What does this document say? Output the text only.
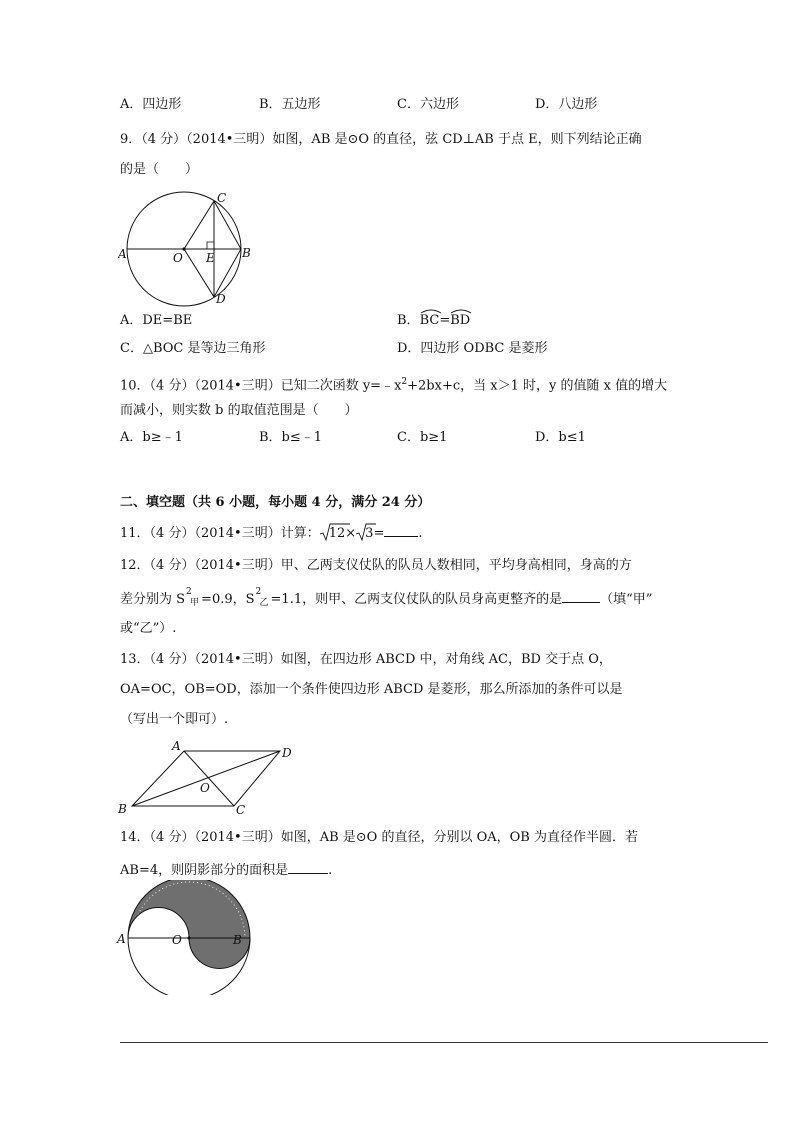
A．四边形	B．五边形	C．六边形	D．八边形
9．（4 分）（2014•三明）如图，AB 是⊙O 的直径，弦 CD⊥AB 于点 E，则下列结论正确
的是（　　）
A	O E B
C
D
A．DE=BE	B．
BC=
BD
C．△BOC 是等边三角形	D．四边形 ODBC 是菱形
10．（4 分）（2014•三明）已知二次函数 $y=﹣x^2+2bx+c$，当 x＞1 时，y 的值随 x 值的增大
而减小，则实数 b 的取值范围是（　　）
A．b≥﹣1	B．b≤﹣1	C．b≥1	D．b≤1
二、填空题（共 6 小题，每小题 4 分，满分 24 分）
11．（4 分）（2014•三明）计算： 12× 3=	.
12．（4 分）（2014•三明）甲、乙两支仪仗队的队员人数相同，平均身高相同，身高的方
差分别为 S 2
甲 =0.9，S 2
乙 =1.1，则甲、乙两支仪仗队的队员身高更整齐的是	（填“甲”
或“乙”）.
13．（4 分）（2014•三明）如图，在四边形 ABCD 中，对角线 AC，BD 交于点 O，
OA=OC，OB=OD，添加一个条件使四边形 ABCD 是菱形，那么所添加的条件可以是
（写出一个即可）.
A	D
B	C
O
14．（4 分）（2014•三明）如图，AB 是⊙O 的直径，分别以 OA，OB 为直径作半圆．若
AB=4，则阴影部分的面积是	.
A	O	B
